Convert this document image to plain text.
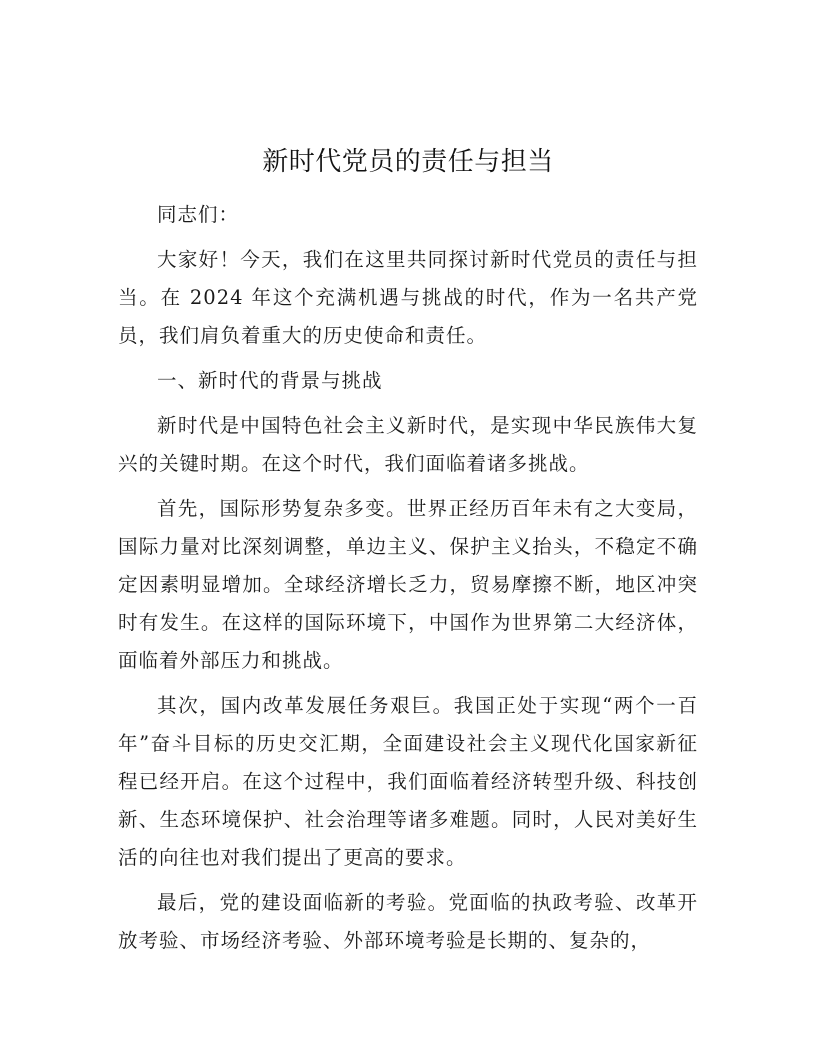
新时代党员的责任与担当

同志们：

大家好！今天，我们在这里共同探讨新时代党员的责任与担当。在 2024 年这个充满机遇与挑战的时代，作为一名共产党员，我们肩负着重大的历史使命和责任。

一、新时代的背景与挑战

新时代是中国特色社会主义新时代，是实现中华民族伟大复兴的关键时期。在这个时代，我们面临着诸多挑战。

首先，国际形势复杂多变。世界正经历百年未有之大变局，国际力量对比深刻调整，单边主义、保护主义抬头，不稳定不确定因素明显增加。全球经济增长乏力，贸易摩擦不断，地区冲突时有发生。在这样的国际环境下，中国作为世界第二大经济体，面临着外部压力和挑战。

其次，国内改革发展任务艰巨。我国正处于实现“两个一百年”奋斗目标的历史交汇期，全面建设社会主义现代化国家新征程已经开启。在这个过程中，我们面临着经济转型升级、科技创新、生态环境保护、社会治理等诸多难题。同时，人民对美好生活的向往也对我们提出了更高的要求。

最后，党的建设面临新的考验。党面临的执政考验、改革开放考验、市场经济考验、外部环境考验是长期的、复杂的，
